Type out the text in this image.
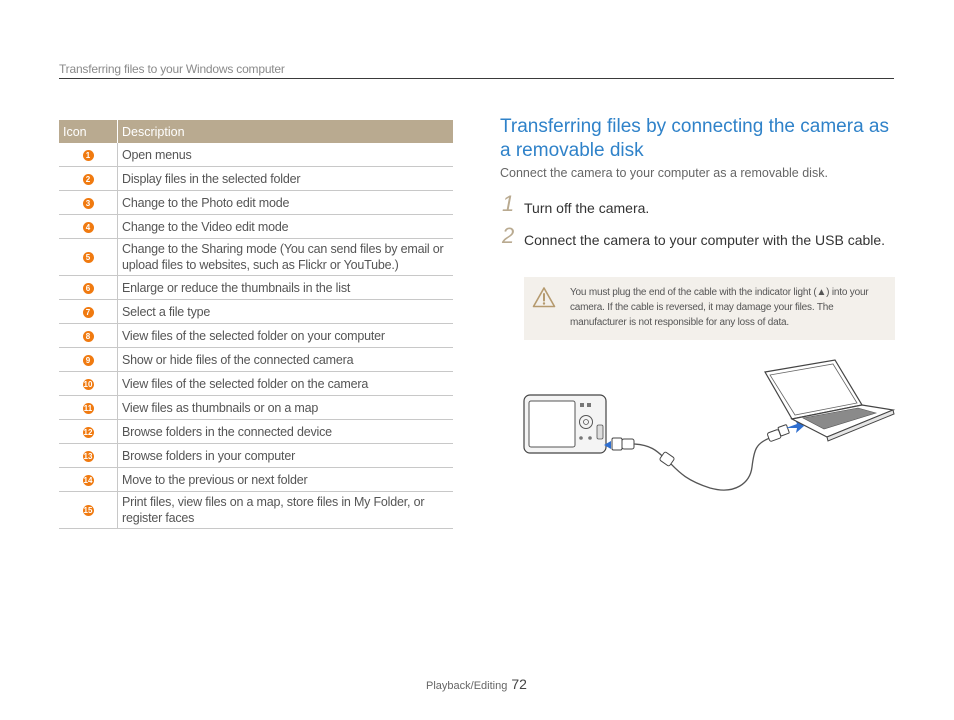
Transferring files to your Windows computer
Icon	Description
1	Open menus
2	Display files in the selected folder
3	Change to the Photo edit mode
4	Change to the Video edit mode
5	Change to the Sharing mode (You can send files by email or upload files to websites, such as Flickr or YouTube.)
6	Enlarge or reduce the thumbnails in the list
7	Select a file type
8	View files of the selected folder on your computer
9	Show or hide files of the connected camera
10	View files of the selected folder on the camera
11	View files as thumbnails or on a map
12	Browse folders in the connected device
13	Browse folders in your computer
14	Move to the previous or next folder
15	Print files, view files on a map, store files in My Folder, or register faces
Transferring files by connecting the camera as a removable disk
Connect the camera to your computer as a removable disk.
1 Turn off the camera.
2 Connect the camera to your computer with the USB cable.
You must plug the end of the cable with the indicator light (▲) into your camera. If the cable is reversed, it may damage your files. The manufacturer is not responsible for any loss of data.
Playback/Editing 72
